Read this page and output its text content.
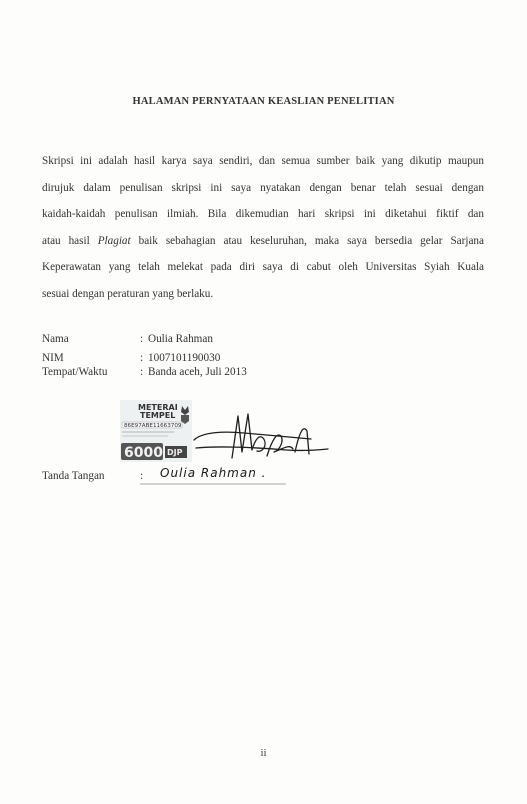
HALAMAN PERNYATAAN KEASLIAN PENELITIAN
Skripsi ini adalah hasil karya saya sendiri, dan semua sumber baik yang dikutip maupun
dirujuk dalam penulisan skripsi ini saya nyatakan dengan benar telah sesuai dengan
kaidah-kaidah penulisan ilmiah. Bila dikemudian hari skripsi ini diketahui fiktif dan
atau hasil Plagiat baik sebahagian atau keseluruhan, maka saya bersedia gelar Sarjana
Keperawatan yang telah melekat pada diri saya di cabut oleh Universitas Syiah Kuala
sesuai dengan peraturan yang berlaku.
Nama	: Oulia Rahman
NIM	: 1007101190030
Tempat/Waktu	: Banda aceh, Juli 2013
METERAI
TEMPEL
86E97ABE11663709
6000 DJP
Tanda Tangan	: Oulia Rahman .
ii
